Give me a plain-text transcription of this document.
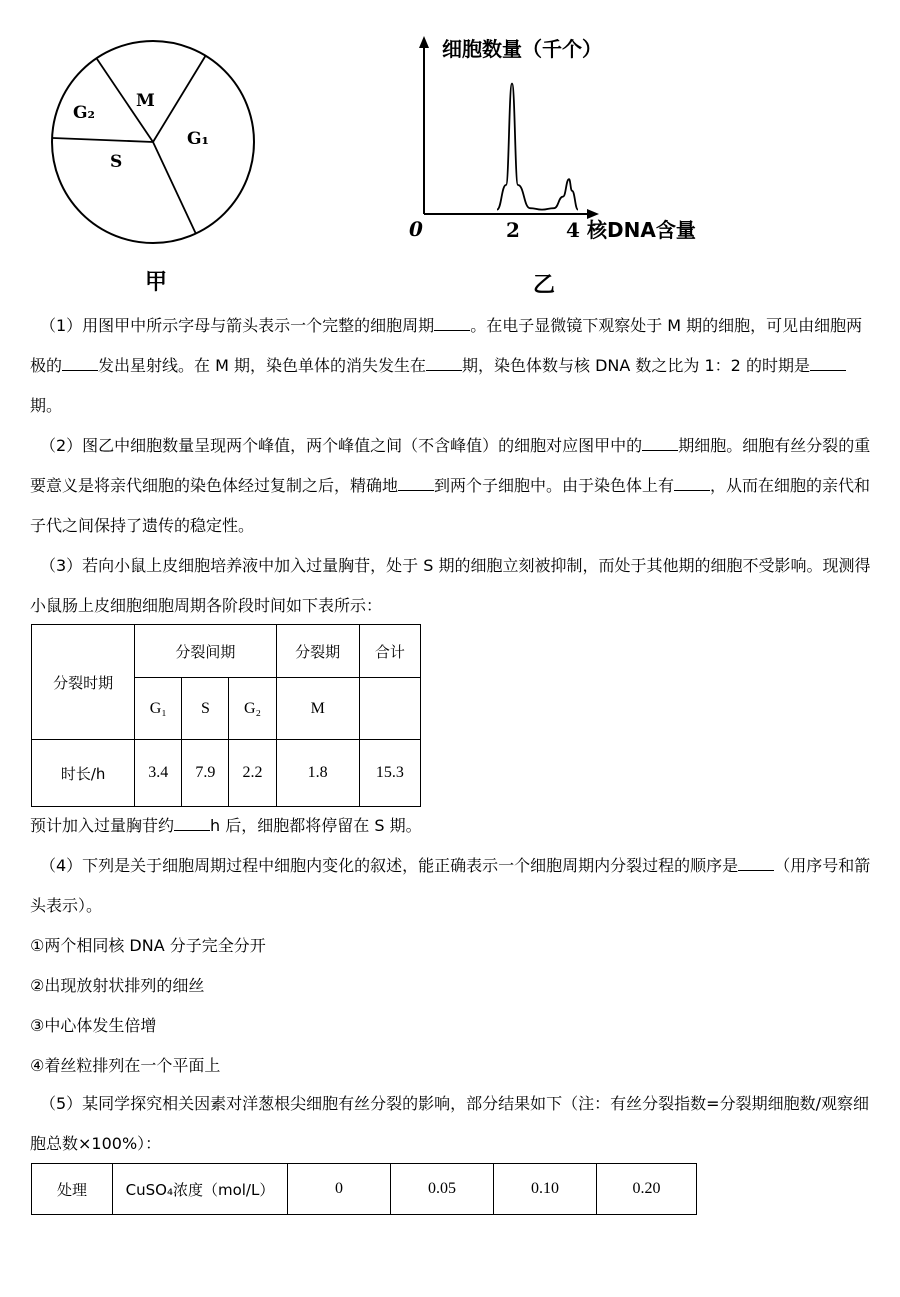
G₂
M
S
G₁
甲
细胞数量（千个）
0	2 4 核DNA含量
乙

（1）用图甲中所示字母与箭头表示一个完整的细胞周期 。在电子显微镜下观察处于 M 期的细胞，可见由细胞两极的 发出星射线。在 M 期，染色单体的消失发生在 期，染色体数与核 DNA 数之比为 1：2 的时期是期。

（2）图乙中细胞数量呈现两个峰值，两个峰值之间（不含峰值）的细胞对应图甲中的 期细胞。细胞有丝分裂的重要意义是将亲代细胞的染色体经过复制之后，精确地 到两个子细胞中。由于染色体上有 ，从而在细胞的亲代和子代之间保持了遗传的稳定性。

（3）若向小鼠上皮细胞培养液中加入过量胸苷，处于 S 期的细胞立刻被抑制，而处于其他期的细胞不受影响。现测得小鼠肠上皮细胞细胞周期各阶段时间如下表所示：

分裂时期	分裂间期			分裂期	合计
	G₁	S	G₂	M	
时长/h	3.4	7.9	2.2	1.8	15.3

预计加入过量胸苷约 h 后，细胞都将停留在 S 期。

（4）下列是关于细胞周期过程中细胞内变化的叙述，能正确表示一个细胞周期内分裂过程的顺序是 （用序号和箭头表示）。

①两个相同核 DNA 分子完全分开

②出现放射状排列的细丝

③中心体发生倍增

④着丝粒排列在一个平面上

（5）某同学探究相关因素对洋葱根尖细胞有丝分裂的影响，部分结果如下（注：有丝分裂指数=分裂期细胞数/观察细胞总数×100%）：

处理	CuSO₄浓度（mol/L）	0	0.05	0.10	0.20
